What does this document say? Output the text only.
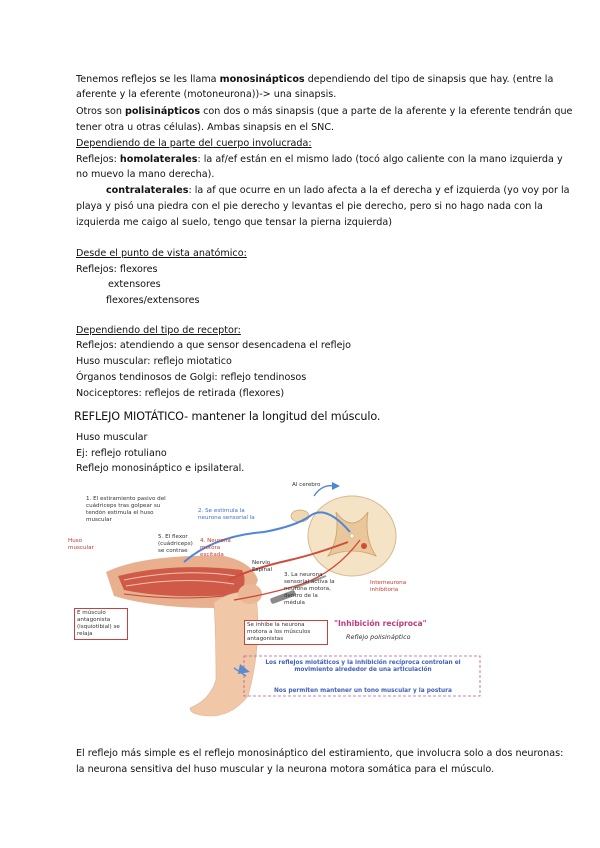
Tenemos reflejos se les llama monosinápticos dependiendo del tipo de sinapsis que hay. (entre la
aferente y la eferente (motoneurona))-> una sinapsis.
Otros son polisinápticos con dos o más sinapsis (que a parte de la aferente y la eferente tendrán que
tener otra u otras células). Ambas sinapsis en el SNC.
Dependiendo de la parte del cuerpo involucrada:
Reflejos: homolaterales: la af/ef están en el mismo lado (tocó algo caliente con la mano izquierda y
no muevo la mano derecha).
contralaterales: la af que ocurre en un lado afecta a la ef derecha y ef izquierda (yo voy por la
playa y pisó una piedra con el pie derecho y levantas el pie derecho, pero si no hago nada con la
izquierda me caigo al suelo, tengo que tensar la pierna izquierda)
Desde el punto de vista anatómico:
Reflejos: flexores
extensores
flexores/extensores
Dependiendo del tipo de receptor:
Reflejos: atendiendo a que sensor desencadena el reflejo
Huso muscular: reflejo miotatico
Órganos tendinosos de Golgi: reflejo tendinosos
Nociceptores: reflejos de retirada (flexores)
REFLEJO MIOTÁTICO- mantener la longitud del músculo.
Huso muscular
Ej: reflejo rotuliano
Reflejo monosináptico e ipsilateral.
Al cerebro
1. El estiramiento pasivo del cuádriceps tras golpear su tendón estimula el huso muscular
2. Se estimula la neurona sensorial la
Huso muscular
5. El flexor (cuádriceps) se contrae
4. Neurona motora excitada
Nervio Espinal
3. La neurona sensorial activa la neurona motora, dentro de la médula
Interneurona inhibitoria
E músculo antagonista (isquiotibial) se relaja
Se inhibe la neurona motora a los músculos antagonistas
"Inhibición recíproca"
Reflejo polisináptico
Los reflejos miotáticos y la inhibición recíproca controlan el movimiento alrededor de una articulación
Nos permiten mantener un tono muscular y la postura
El reflejo más simple es el reflejo monosináptico del estiramiento, que involucra solo a dos neuronas:
la neurona sensitiva del huso muscular y la neurona motora somática para el músculo.
